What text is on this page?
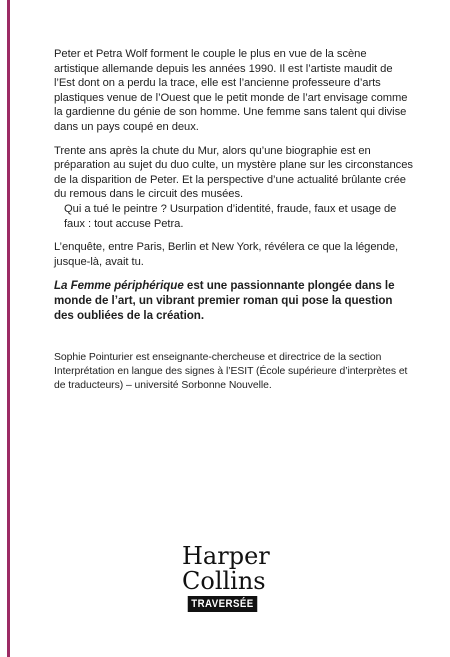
Peter et Petra Wolf forment le couple le plus en vue de la scène artistique allemande depuis les années 1990. Il est l’artiste maudit de l’Est dont on a perdu la trace, elle est l’ancienne professeure d’arts plastiques venue de l’Ouest que le petit monde de l’art envisage comme la gardienne du génie de son homme. Une femme sans talent qui divise dans un pays coupé en deux.

Trente ans après la chute du Mur, alors qu’une biographie est en préparation au sujet du duo culte, un mystère plane sur les circonstances de la disparition de Peter. Et la perspective d’une actualité brûlante crée du remous dans le circuit des musées.
Qui a tué le peintre ? Usurpation d’identité, fraude, faux et usage de faux : tout accuse Petra.

L’enquête, entre Paris, Berlin et New York, révélera ce que la légende, jusque-là, avait tu.

La Femme périphérique est une passionnante plongée dans le monde de l’art, un vibrant premier roman qui pose la question des oubliées de la création.

Sophie Pointurier est enseignante-chercheuse et directrice de la section Interprétation en langue des signes à l’ESIT (École supérieure d’interprètes et de traducteurs) – université Sorbonne Nouvelle.

Harper
Collins
TRAVERSÉE
